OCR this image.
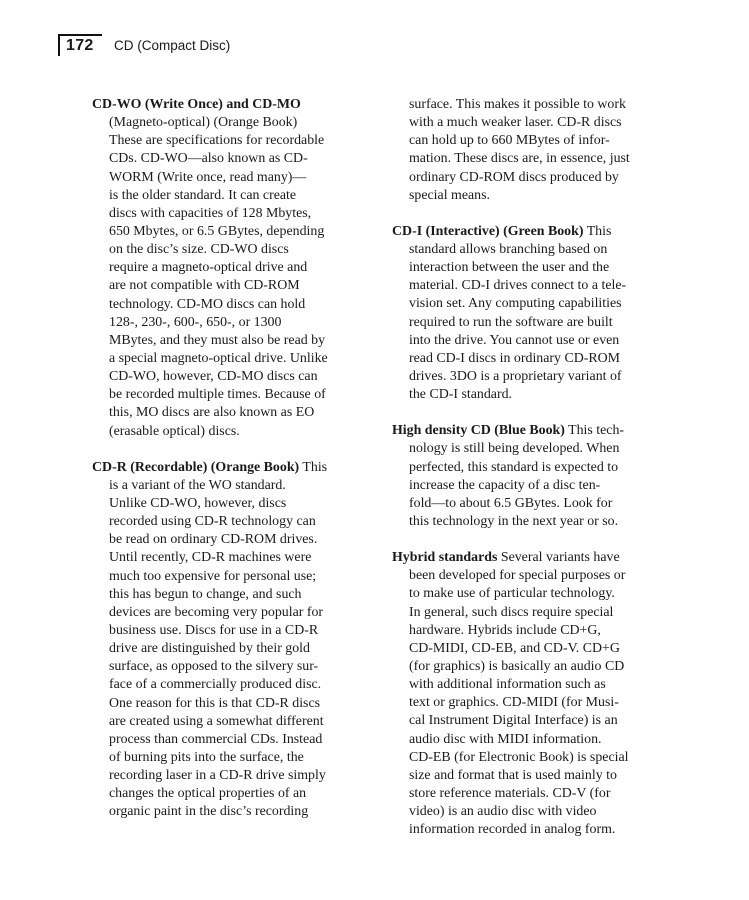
172 CD (Compact Disc)
CD-WO (Write Once) and CD-MO
(Magneto-optical) (Orange Book)
These are specifications for recordable
CDs. CD-WO—also known as CD-
WORM (Write once, read many)—
is the older standard. It can create
discs with capacities of 128 Mbytes,
650 Mbytes, or 6.5 GBytes, depending
on the disc’s size. CD-WO discs
require a magneto-optical drive and
are not compatible with CD-ROM
technology. CD-MO discs can hold
128-, 230-, 600-, 650-, or 1300
MBytes, and they must also be read by
a special magneto-optical drive. Unlike
CD-WO, however, CD-MO discs can
be recorded multiple times. Because of
this, MO discs are also known as EO
(erasable optical) discs.
CD-R (Recordable) (Orange Book) This
is a variant of the WO standard.
Unlike CD-WO, however, discs
recorded using CD-R technology can
be read on ordinary CD-ROM drives.
Until recently, CD-R machines were
much too expensive for personal use;
this has begun to change, and such
devices are becoming very popular for
business use. Discs for use in a CD-R
drive are distinguished by their gold
surface, as opposed to the silvery sur-
face of a commercially produced disc.
One reason for this is that CD-R discs
are created using a somewhat different
process than commercial CDs. Instead
of burning pits into the surface, the
recording laser in a CD-R drive simply
changes the optical properties of an
organic paint in the disc’s recording
surface. This makes it possible to work
with a much weaker laser. CD-R discs
can hold up to 660 MBytes of infor-
mation. These discs are, in essence, just
ordinary CD-ROM discs produced by
special means.
CD-I (Interactive) (Green Book) This
standard allows branching based on
interaction between the user and the
material. CD-I drives connect to a tele-
vision set. Any computing capabilities
required to run the software are built
into the drive. You cannot use or even
read CD-I discs in ordinary CD-ROM
drives. 3DO is a proprietary variant of
the CD-I standard.
High density CD (Blue Book) This tech-
nology is still being developed. When
perfected, this standard is expected to
increase the capacity of a disc ten-
fold—to about 6.5 GBytes. Look for
this technology in the next year or so.
Hybrid standards Several variants have
been developed for special purposes or
to make use of particular technology.
In general, such discs require special
hardware. Hybrids include CD+G,
CD-MIDI, CD-EB, and CD-V. CD+G
(for graphics) is basically an audio CD
with additional information such as
text or graphics. CD-MIDI (for Musi-
cal Instrument Digital Interface) is an
audio disc with MIDI information.
CD-EB (for Electronic Book) is special
size and format that is used mainly to
store reference materials. CD-V (for
video) is an audio disc with video
information recorded in analog form.
